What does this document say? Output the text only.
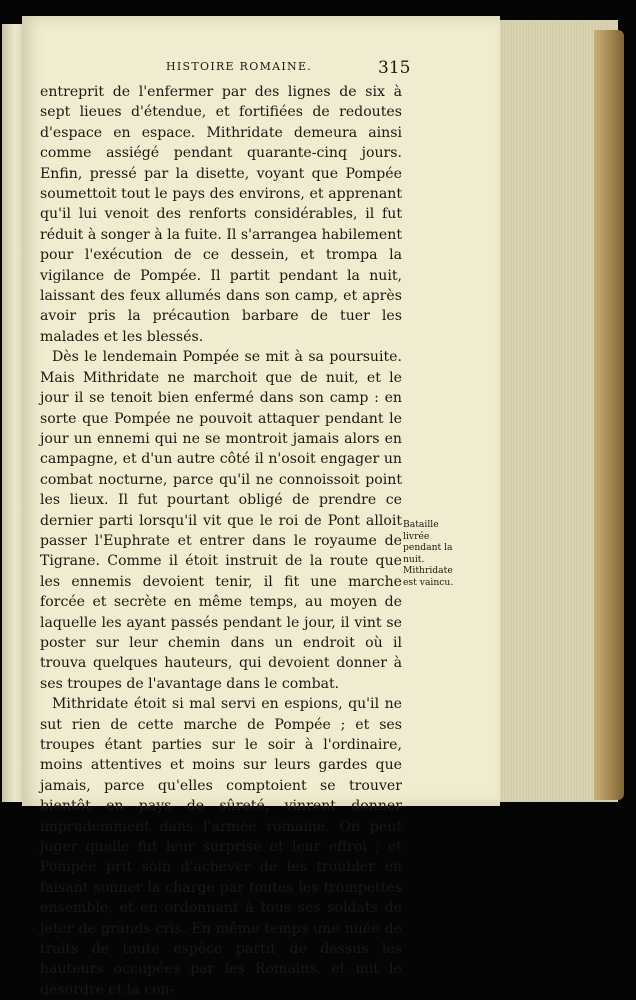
HISTOIRE ROMAINE.	315

entreprit de l'enfermer par des lignes de six à sept lieues d'étendue, et fortifiées de redoutes d'espace en espace. Mithridate demeura ainsi comme assiégé pendant quarante-cinq jours. Enfin, pressé par la disette, voyant que Pompée soumettoit tout le pays des environs, et apprenant qu'il lui venoit des renforts considérables, il fut réduit à songer à la fuite. Il s'arrangea habilement pour l'exécution de ce dessein, et trompa la vigilance de Pompée. Il partit pendant la nuit, laissant des feux allumés dans son camp, et après avoir pris la précaution barbare de tuer les malades et les blessés.

Dès le lendemain Pompée se mit à sa poursuite. Mais Mithridate ne marchoit que de nuit, et le jour il se tenoit bien enfermé dans son camp : en sorte que Pompée ne pouvoit attaquer pendant le jour un ennemi qui ne se montroit jamais alors en campagne, et d'un autre côté il n'osoit engager un combat nocturne, parce qu'il ne connoissoit point les lieux. Il fut pourtant obligé de prendre ce dernier parti lorsqu'il vit que le roi de Pont alloit passer l'Euphrate et entrer dans le royaume de Tigrane. Comme il étoit instruit de la route que les ennemis devoient tenir, il fit une marche forcée et secrète en même temps, au moyen de laquelle les ayant passés pendant le jour, il vint se poster sur leur chemin dans un endroit où il trouva quelques hauteurs, qui devoient donner à ses troupes de l'avantage dans le combat.

Mithridate étoit si mal servi en espions, qu'il ne sut rien de cette marche de Pompée ; et ses troupes étant parties sur le soir à l'ordinaire, moins attentives et moins sur leurs gardes que jamais, parce qu'elles comptoient se trouver bientôt en pays de sûreté, vinrent donner imprudemment dans l'armée romaine. On peut juger quelle fut leur surprise et leur effroi ; et Pompée prit soin d'achever de les troubler en faisant sonner la charge par toutes les trompettes ensemble, et en ordonnant à tous ses soldats de jeter de grands cris. En même temps une nuée de traits de toute espèce partit de dessus les hauteurs occupées par les Romains, et mit le désordre et la con-

Bataille livrée pendant la nuit. Mithridate est vaincu.
